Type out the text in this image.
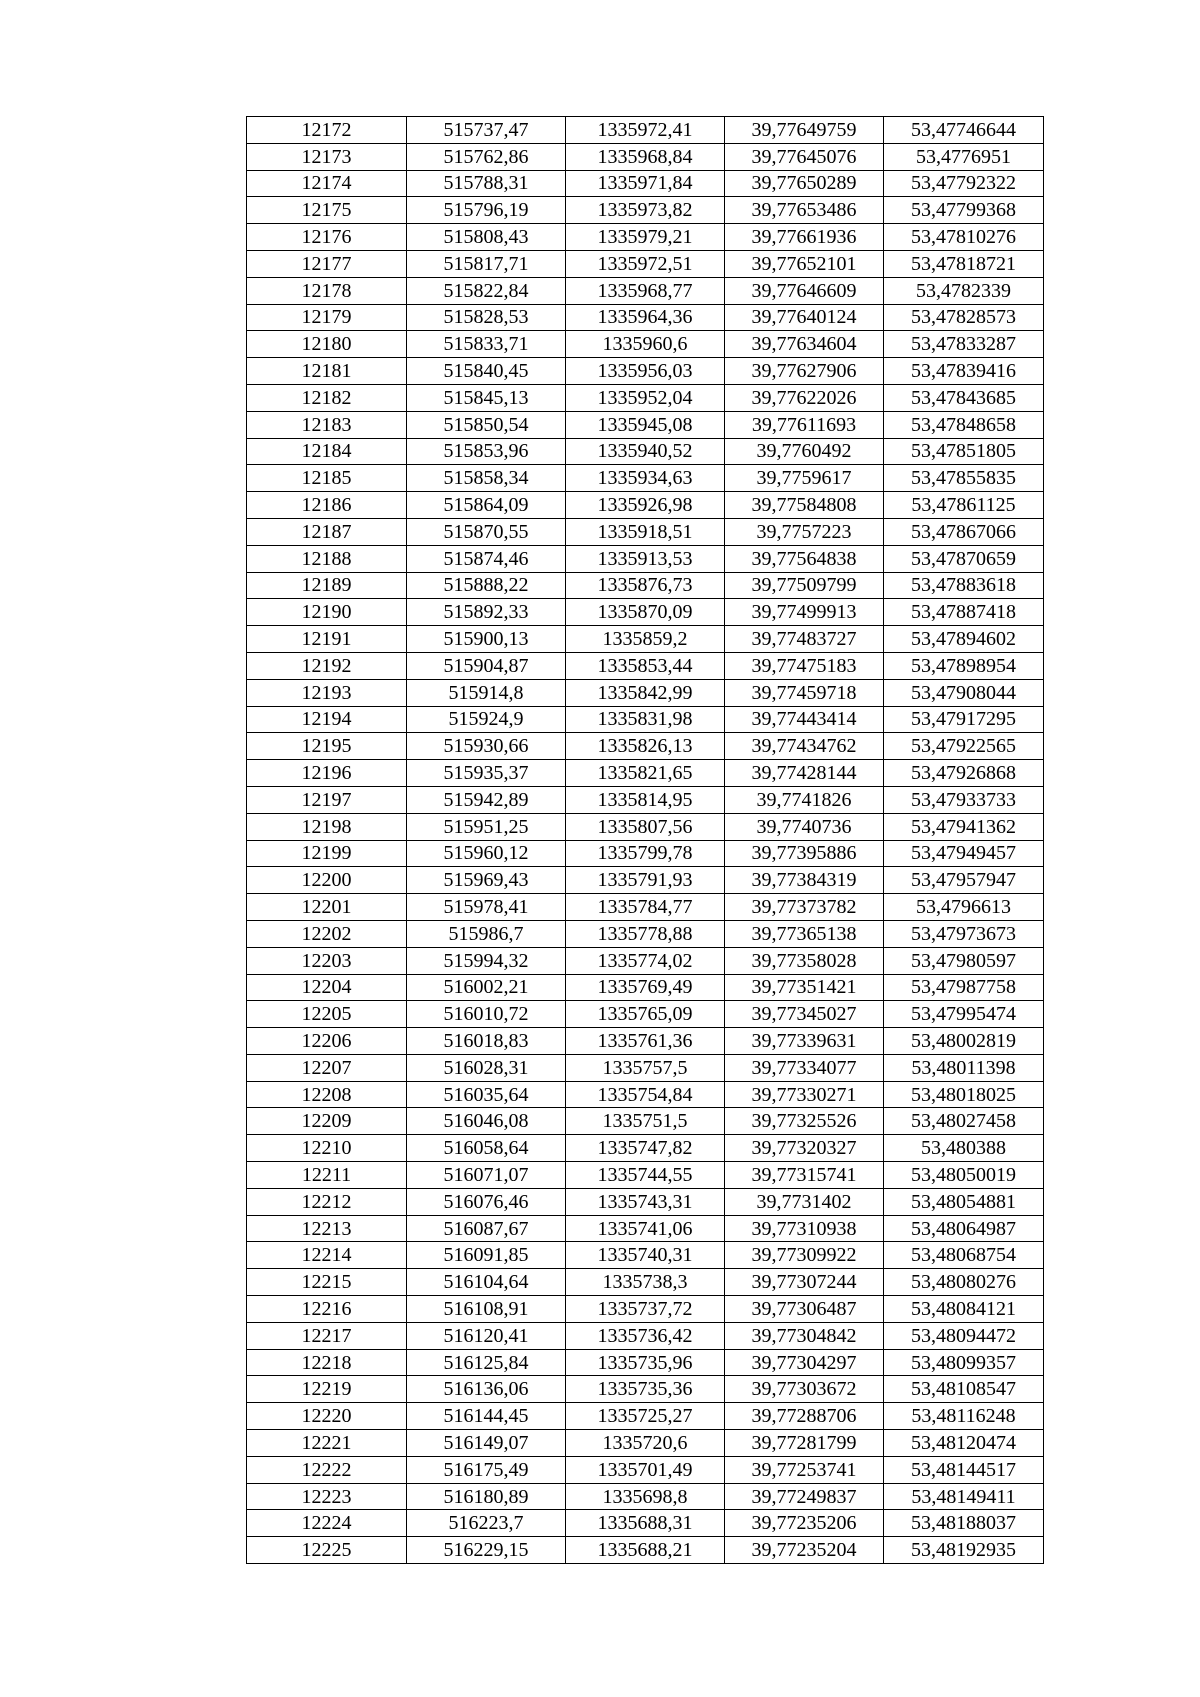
12172	515737,47	1335972,41	39,77649759	53,47746644
12173	515762,86	1335968,84	39,77645076	53,4776951
12174	515788,31	1335971,84	39,77650289	53,47792322
12175	515796,19	1335973,82	39,77653486	53,47799368
12176	515808,43	1335979,21	39,77661936	53,47810276
12177	515817,71	1335972,51	39,77652101	53,47818721
12178	515822,84	1335968,77	39,77646609	53,4782339
12179	515828,53	1335964,36	39,77640124	53,47828573
12180	515833,71	1335960,6	39,77634604	53,47833287
12181	515840,45	1335956,03	39,77627906	53,47839416
12182	515845,13	1335952,04	39,77622026	53,47843685
12183	515850,54	1335945,08	39,77611693	53,47848658
12184	515853,96	1335940,52	39,7760492	53,47851805
12185	515858,34	1335934,63	39,7759617	53,47855835
12186	515864,09	1335926,98	39,77584808	53,47861125
12187	515870,55	1335918,51	39,7757223	53,47867066
12188	515874,46	1335913,53	39,77564838	53,47870659
12189	515888,22	1335876,73	39,77509799	53,47883618
12190	515892,33	1335870,09	39,77499913	53,47887418
12191	515900,13	1335859,2	39,77483727	53,47894602
12192	515904,87	1335853,44	39,77475183	53,47898954
12193	515914,8	1335842,99	39,77459718	53,47908044
12194	515924,9	1335831,98	39,77443414	53,47917295
12195	515930,66	1335826,13	39,77434762	53,47922565
12196	515935,37	1335821,65	39,77428144	53,47926868
12197	515942,89	1335814,95	39,7741826	53,47933733
12198	515951,25	1335807,56	39,7740736	53,47941362
12199	515960,12	1335799,78	39,77395886	53,47949457
12200	515969,43	1335791,93	39,77384319	53,47957947
12201	515978,41	1335784,77	39,77373782	53,4796613
12202	515986,7	1335778,88	39,77365138	53,47973673
12203	515994,32	1335774,02	39,77358028	53,47980597
12204	516002,21	1335769,49	39,77351421	53,47987758
12205	516010,72	1335765,09	39,77345027	53,47995474
12206	516018,83	1335761,36	39,77339631	53,48002819
12207	516028,31	1335757,5	39,77334077	53,48011398
12208	516035,64	1335754,84	39,77330271	53,48018025
12209	516046,08	1335751,5	39,77325526	53,48027458
12210	516058,64	1335747,82	39,77320327	53,480388
12211	516071,07	1335744,55	39,77315741	53,48050019
12212	516076,46	1335743,31	39,7731402	53,48054881
12213	516087,67	1335741,06	39,77310938	53,48064987
12214	516091,85	1335740,31	39,77309922	53,48068754
12215	516104,64	1335738,3	39,77307244	53,48080276
12216	516108,91	1335737,72	39,77306487	53,48084121
12217	516120,41	1335736,42	39,77304842	53,48094472
12218	516125,84	1335735,96	39,77304297	53,48099357
12219	516136,06	1335735,36	39,77303672	53,48108547
12220	516144,45	1335725,27	39,77288706	53,48116248
12221	516149,07	1335720,6	39,77281799	53,48120474
12222	516175,49	1335701,49	39,77253741	53,48144517
12223	516180,89	1335698,8	39,77249837	53,48149411
12224	516223,7	1335688,31	39,77235206	53,48188037
12225	516229,15	1335688,21	39,77235204	53,48192935
